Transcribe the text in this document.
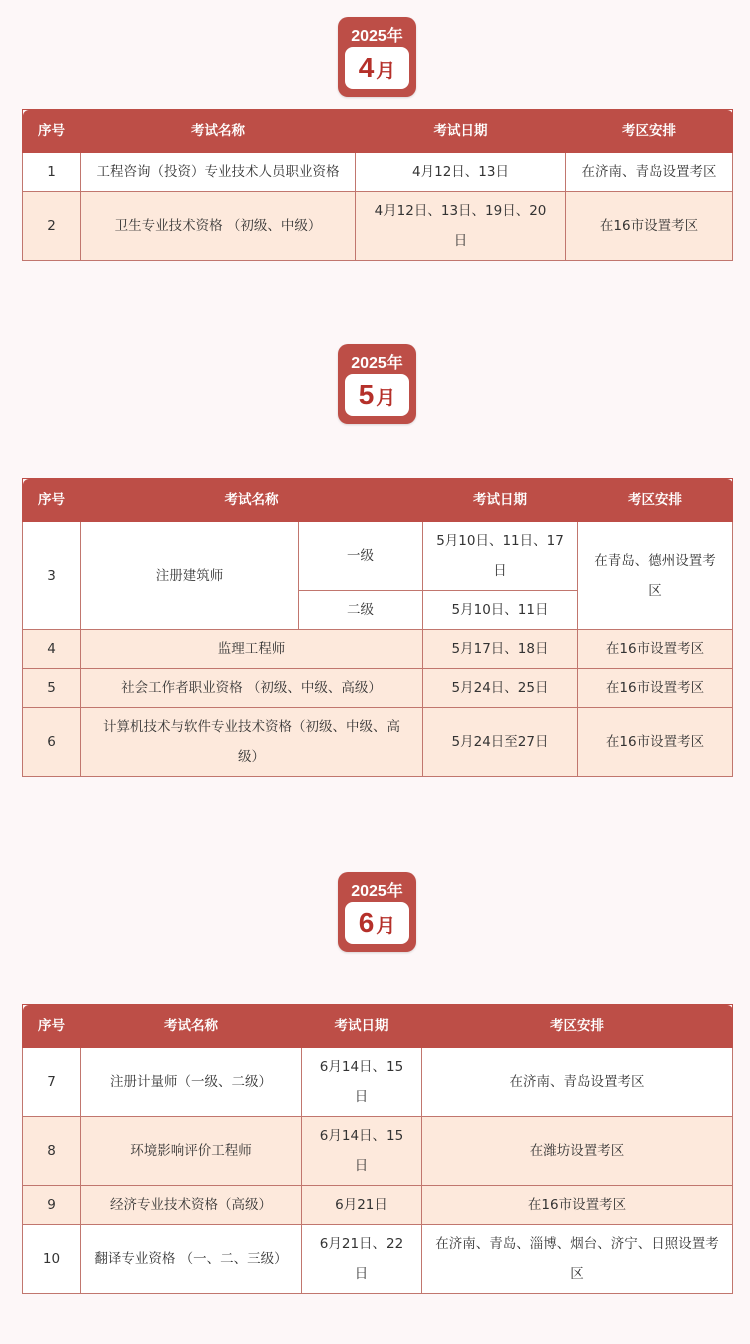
2025年
4 月
序号	考试名称	考试日期	考区安排
1	工程咨询（投资）专业技术人员职业资格	4月12日、13日	在济南、青岛设置考区
2	卫生专业技术资格 （初级、中级）	4月12日、13日、19日、20日	在16市设置考区
2025年
5 月
序号	考试名称		考试日期	考区安排
3	注册建筑师	一级	5月10日、11日、17日	在青岛、德州设置考区
		二级	5月10日、11日	
4	监理工程师		5月17日、18日	在16市设置考区
5	社会工作者职业资格 （初级、中级、高级）		5月24日、25日	在16市设置考区
6	计算机技术与软件专业技术资格（初级、中级、高级）		5月24日至27日	在16市设置考区
2025年
6 月
序号	考试名称	考试日期	考区安排
7	注册计量师（一级、二级）	6月14日、15日	在济南、青岛设置考区
8	环境影响评价工程师	6月14日、15日	在潍坊设置考区
9	经济专业技术资格（高级）	6月21日	在16市设置考区
10	翻译专业资格 （一、二、三级）	6月21日、22日	在济南、青岛、淄博、烟台、济宁、日照设置考区
